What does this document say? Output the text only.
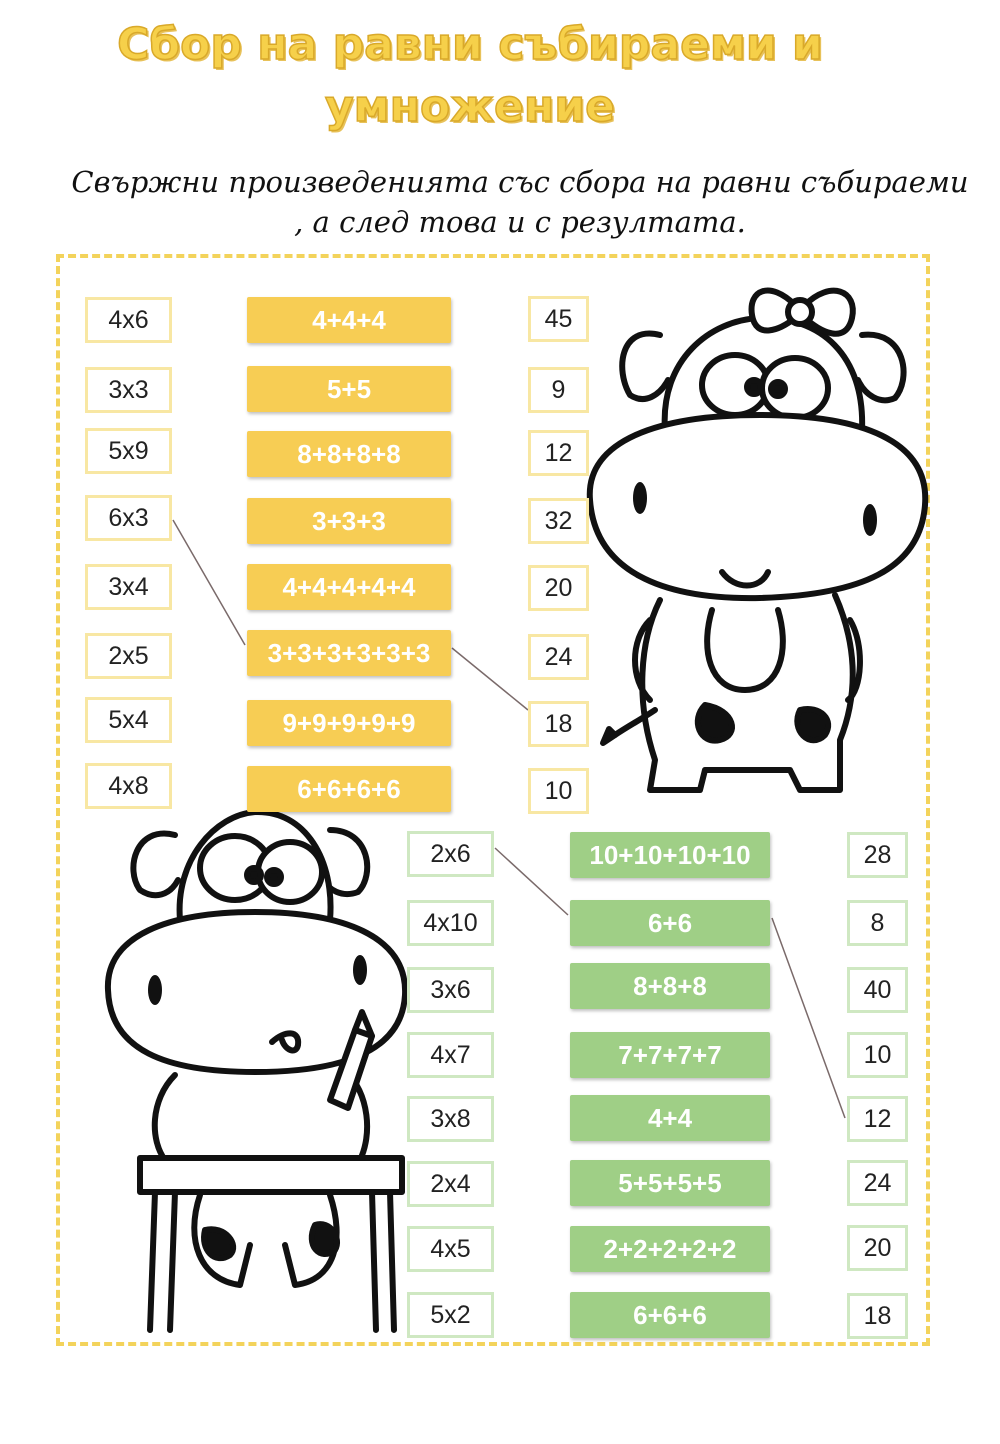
Сбор на равни събираеми и умножение
Свържни произведенията със сбора на равни събираеми , а след това и с резултата.
4x6
3x3
5x9
6x3
3x4
2x5
5x4
4x8
4+4+4
5+5
8+8+8+8
3+3+3
4+4+4+4+4
3+3+3+3+3+3
9+9+9+9+9
6+6+6+6
45
9
12
32
20
24
18
10
2x6
4x10
3x6
4x7
3x8
2x4
4x5
5x2
10+10+10+10
6+6
8+8+8
7+7+7+7
4+4
5+5+5+5
2+2+2+2+2
6+6+6
28
8
40
10
12
24
20
18
